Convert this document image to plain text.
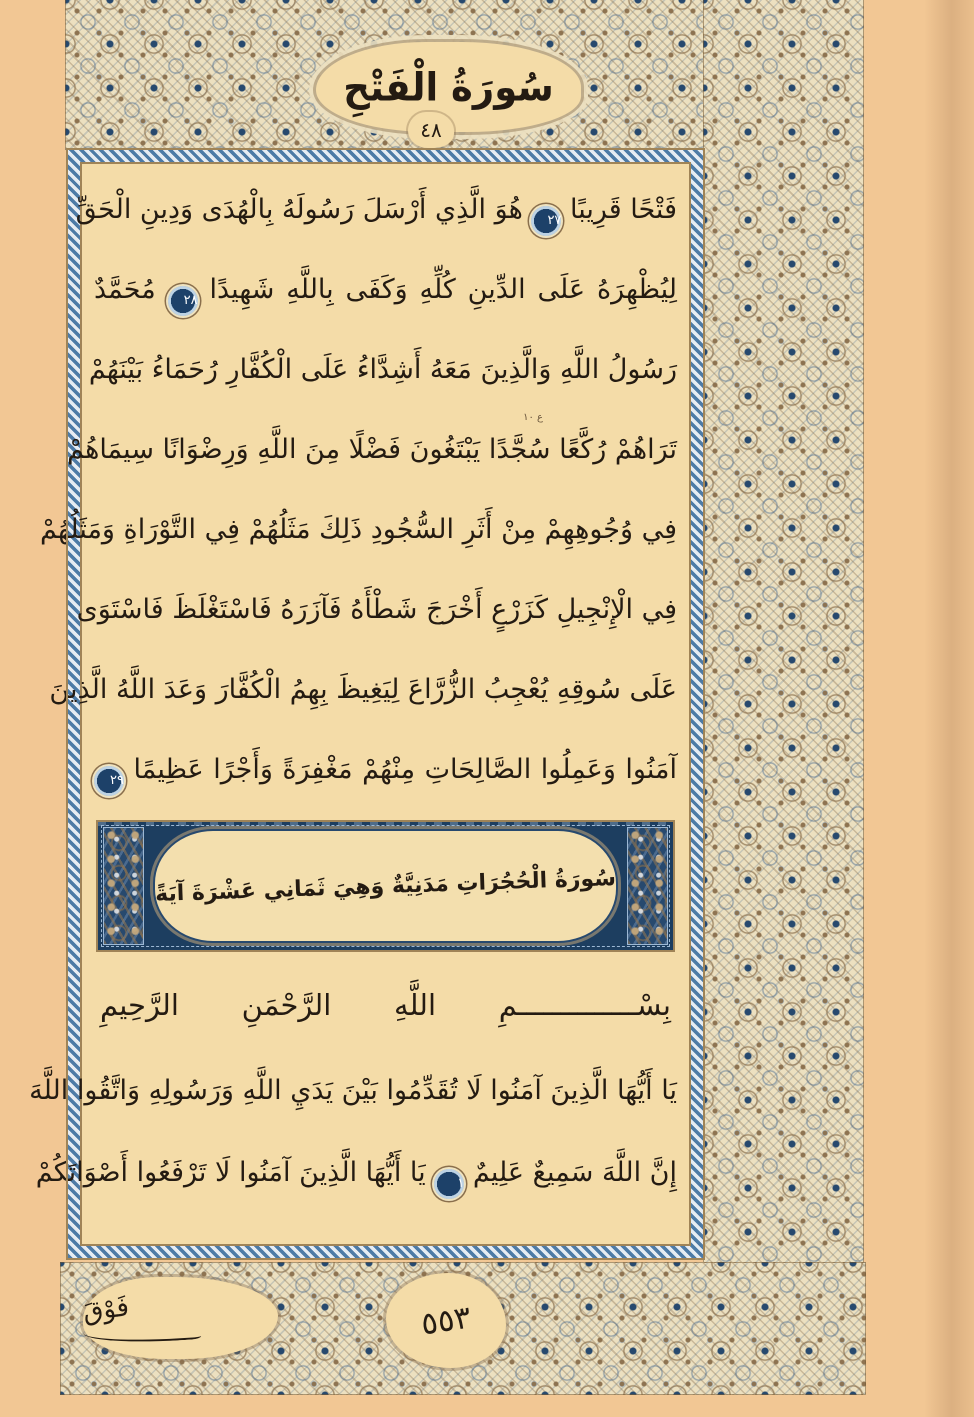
سُورَةُ الْفَتْحِ
٤٨
فَوْقَ	٥٥٣
فَتْحًا قَرِيبًا ٢٧ هُوَ الَّذِي أَرْسَلَ رَسُولَهُ بِالْهُدَى وَدِينِ الْحَقِّ
لِيُظْهِرَهُ عَلَى الدِّينِ كُلِّهِ وَكَفَى بِاللَّهِ شَهِيدًا ٢٨ مُحَمَّدٌ
رَسُولُ اللَّهِ وَالَّذِينَ مَعَهُ أَشِدَّاءُ عَلَى الْكُفَّارِ رُحَمَاءُ بَيْنَهُمْ
تَرَاهُمْ رُكَّعًا سُجَّدًا يَبْتَغُونَ فَضْلًا مِنَ اللَّهِ وَرِضْوَانًا سِيمَاهُمْ
فِي وُجُوهِهِمْ مِنْ أَثَرِ السُّجُودِ ذَلِكَ مَثَلُهُمْ فِي التَّوْرَاةِ وَمَثَلُهُمْ
فِي الْإِنْجِيلِ كَزَرْعٍ أَخْرَجَ شَطْأَهُ فَآزَرَهُ فَاسْتَغْلَظَ فَاسْتَوَى
عَلَى سُوقِهِ يُعْجِبُ الزُّرَّاعَ لِيَغِيظَ بِهِمُ الْكُفَّارَ وَعَدَ اللَّهُ الَّذِينَ
آمَنُوا وَعَمِلُوا الصَّالِحَاتِ مِنْهُمْ مَغْفِرَةً وَأَجْرًا عَظِيمًا ٢٩
ع ١٠
سُورَةُ الْحُجُرَاتِ مَدَنِيَّةٌ وَهِيَ ثَمَانِي عَشْرَةَ آيَةً
بِسْــــــــــــــمِ اللَّهِ الرَّحْمَنِ الرَّحِيمِ
يَا أَيُّهَا الَّذِينَ آمَنُوا لَا تُقَدِّمُوا بَيْنَ يَدَيِ اللَّهِ وَرَسُولِهِ وَاتَّقُوا اللَّهَ
إِنَّ اللَّهَ سَمِيعٌ عَلِيمٌ ١ يَا أَيُّهَا الَّذِينَ آمَنُوا لَا تَرْفَعُوا أَصْوَاتَكُمْ
